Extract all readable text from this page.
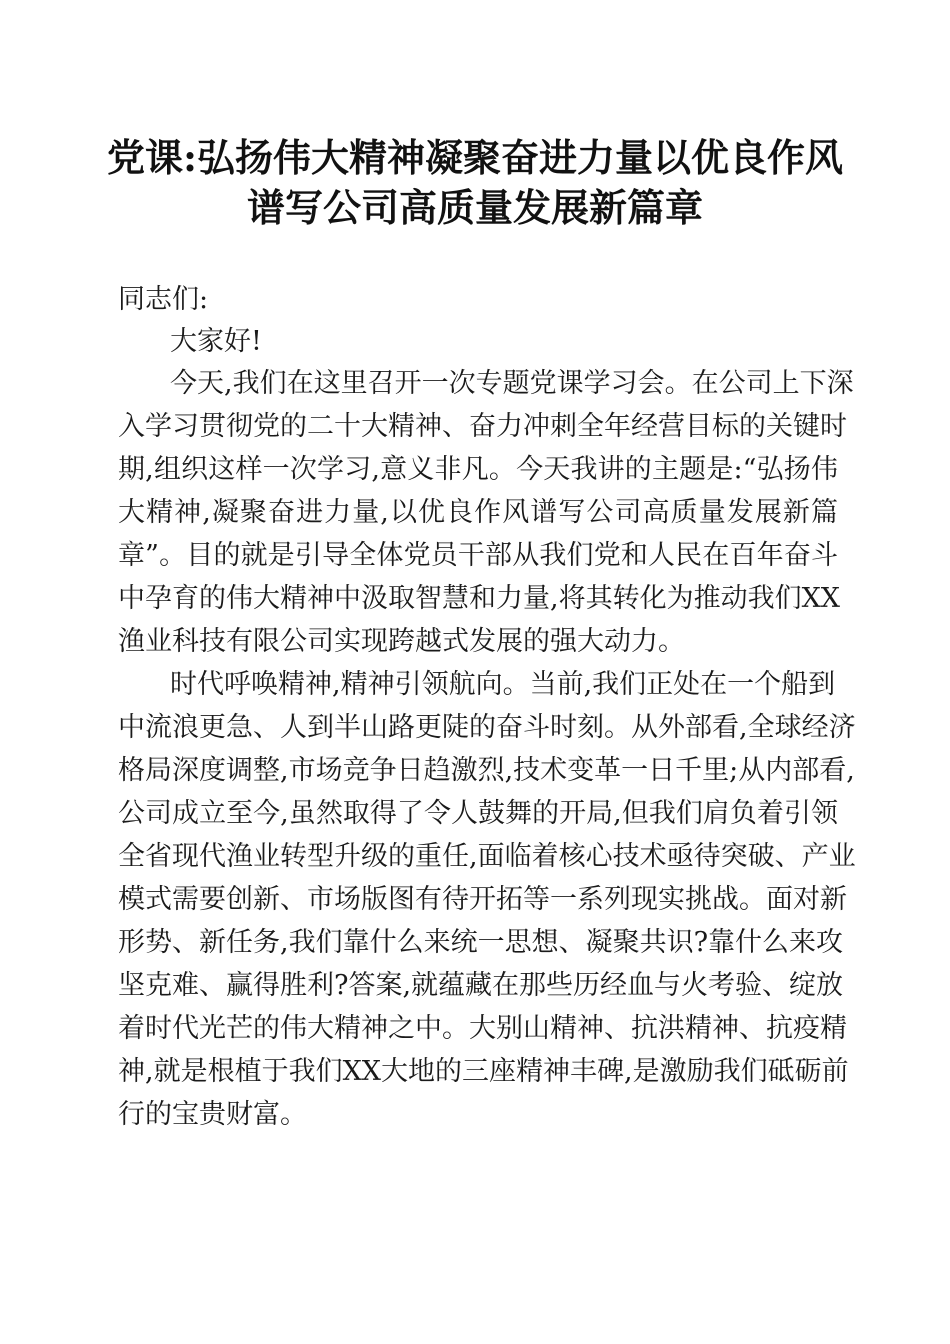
党课:弘扬伟大精神凝聚奋进力量以优良作风
谱写公司高质量发展新篇章
同志们:
大家好!
今天,我们在这里召开一次专题党课学习会。在公司上下深
入学习贯彻党的二十大精神、奋力冲刺全年经营目标的关键时
期,组织这样一次学习,意义非凡。今天我讲的主题是:“弘扬伟
大精神,凝聚奋进力量,以优良作风谱写公司高质量发展新篇
章”。目的就是引导全体党员干部从我们党和人民在百年奋斗
中孕育的伟大精神中汲取智慧和力量,将其转化为推动我们XX
渔业科技有限公司实现跨越式发展的强大动力。
时代呼唤精神,精神引领航向。当前,我们正处在一个船到
中流浪更急、人到半山路更陡的奋斗时刻。从外部看,全球经济
格局深度调整,市场竞争日趋激烈,技术变革一日千里;从内部看,
公司成立至今,虽然取得了令人鼓舞的开局,但我们肩负着引领
全省现代渔业转型升级的重任,面临着核心技术亟待突破、产业
模式需要创新、市场版图有待开拓等一系列现实挑战。面对新
形势、新任务,我们靠什么来统一思想、凝聚共识?靠什么来攻
坚克难、赢得胜利?答案,就蕴藏在那些历经血与火考验、绽放
着时代光芒的伟大精神之中。大别山精神、抗洪精神、抗疫精
神,就是根植于我们XX大地的三座精神丰碑,是激励我们砥砺前
行的宝贵财富。
